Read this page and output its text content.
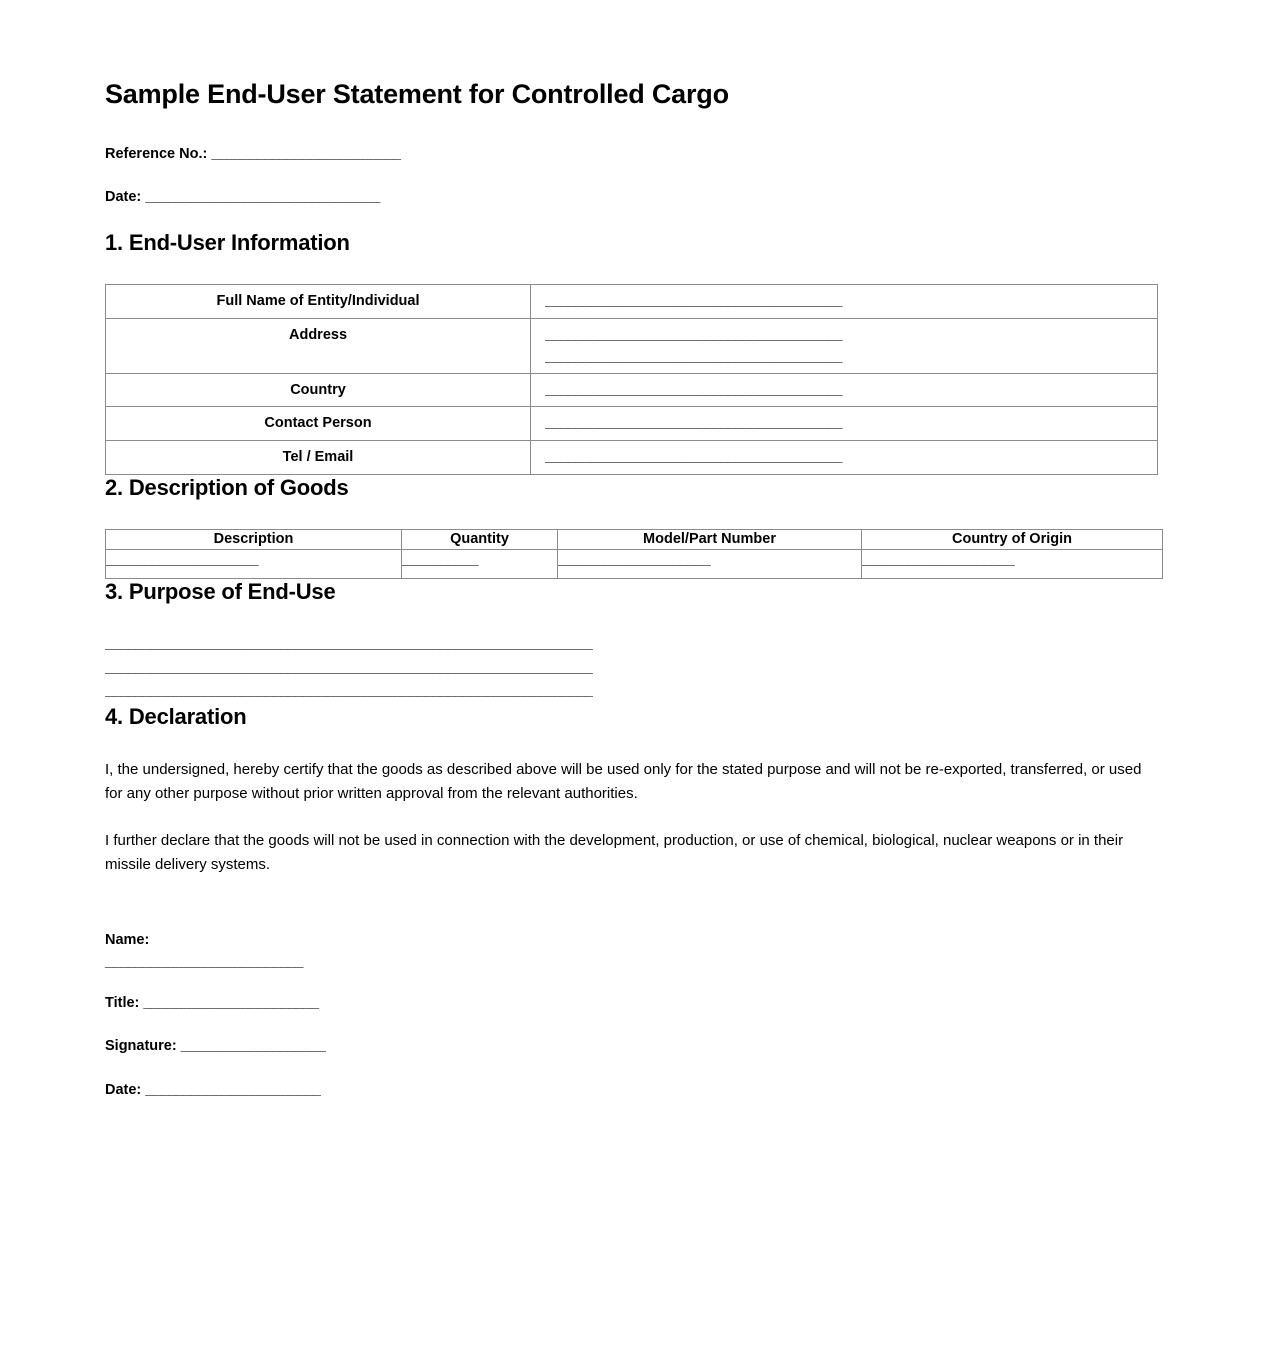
Sample End-User Statement for Controlled Cargo
Reference No.: _________________________
Date: _______________________________
1. End-User Information
Full Name of Entity/Individual	_______________________________________

Address	_______________________________________
_______________________________________

Country	_______________________________________

Contact Person	_______________________________________

Tel / Email	_______________________________________
2. Description of Goods
Description	Quantity	Model/Part Number	Country of Origin

____________________	__________	____________________	____________________
3. Purpose of End-Use
________________________________________________________________
________________________________________________________________
________________________________________________________________
4. Declaration

I, the undersigned, hereby certify that the goods as described above will be used only for the stated purpose and will not be re-exported, transferred, or used for any other purpose without prior written approval from the relevant authorities.

I further declare that the goods will not be used in connection with the development, production, or use of chemical, biological, nuclear weapons or in their missile delivery systems.

Name: __________________________
Title: _______________________
Signature: ___________________
Date: _______________________
